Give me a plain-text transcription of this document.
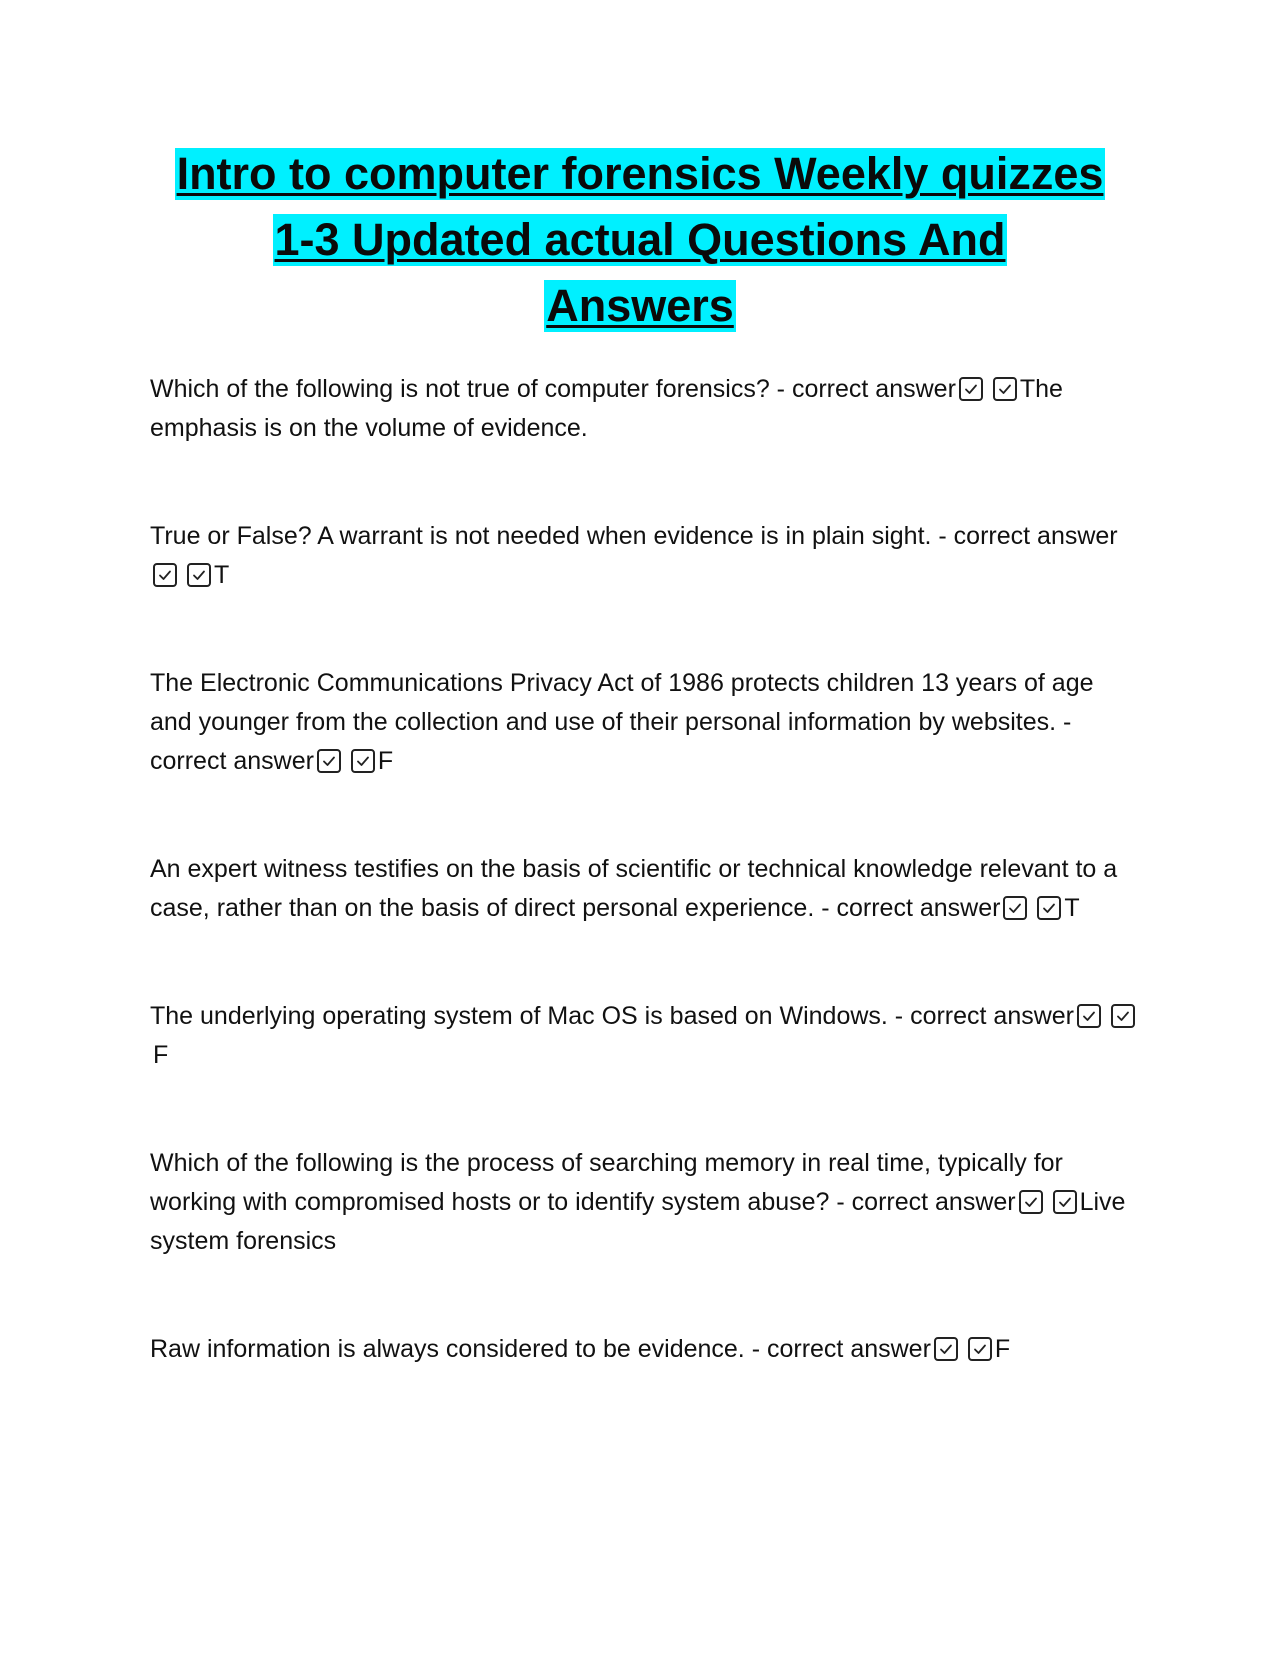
Intro to computer forensics Weekly quizzes
1-3 Updated actual Questions And
Answers

Which of the following is not true of computer forensics? - correct answer
	The emphasis is on the volume of evidence.

True or False? A warrant is not needed when evidence is in plain sight. - correct answer

T

The Electronic Communications Privacy Act of 1986 protects children 13 years of age and younger from the collection and use of their personal information by websites. - correct answer
	F

An expert witness testifies on the basis of scientific or technical knowledge relevant to a case, rather than on the basis of direct personal experience. - correct answer
	T

The underlying operating system of Mac OS is based on Windows. - correct answer

F

Which of the following is the process of searching memory in real time, typically for working with compromised hosts or to identify system abuse? - correct answer
	Live system forensics

Raw information is always considered to be evidence. - correct answer
	F
